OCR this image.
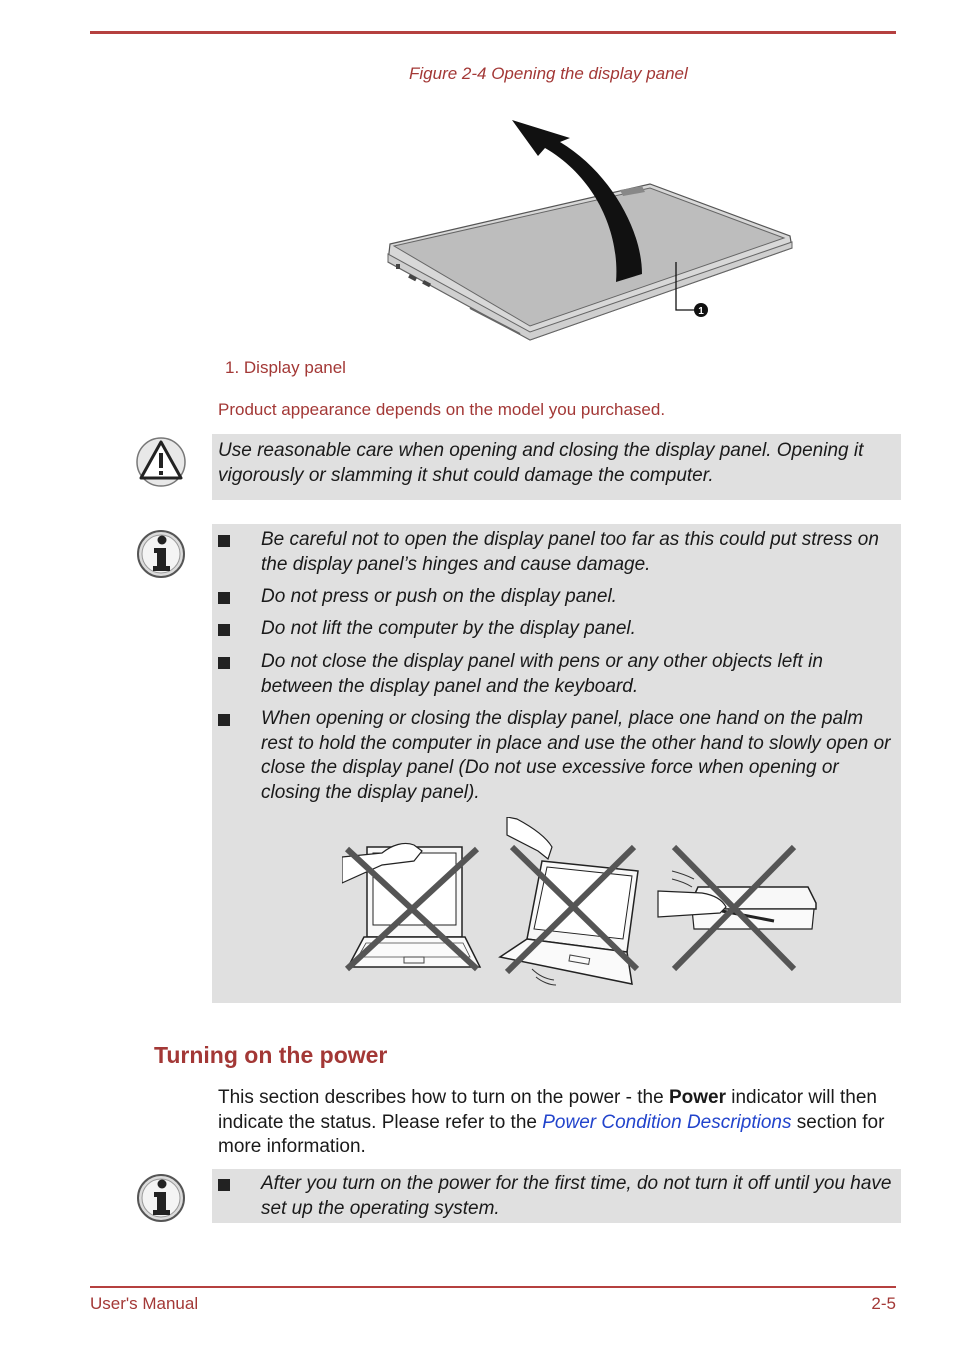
Figure 2-4 Opening the display panel
1
1. Display panel
Product appearance depends on the model you purchased.
Use reasonable care when opening and closing the display panel. Opening it vigorously or slamming it shut could damage the computer.
Be careful not to open the display panel too far as this could put stress on the display panel’s hinges and cause damage.
Do not press or push on the display panel.
Do not lift the computer by the display panel.
Do not close the display panel with pens or any other objects left in between the display panel and the keyboard.
When opening or closing the display panel, place one hand on the palm rest to hold the computer in place and use the other hand to slowly open or close the display panel (Do not use excessive force when opening or closing the display panel).
Turning on the power
This section describes how to turn on the power - the Power indicator will then indicate the status. Please refer to the Power Condition Descriptions section for more information.
After you turn on the power for the first time, do not turn it off until you have set up the operating system.
User's Manual	2-5
